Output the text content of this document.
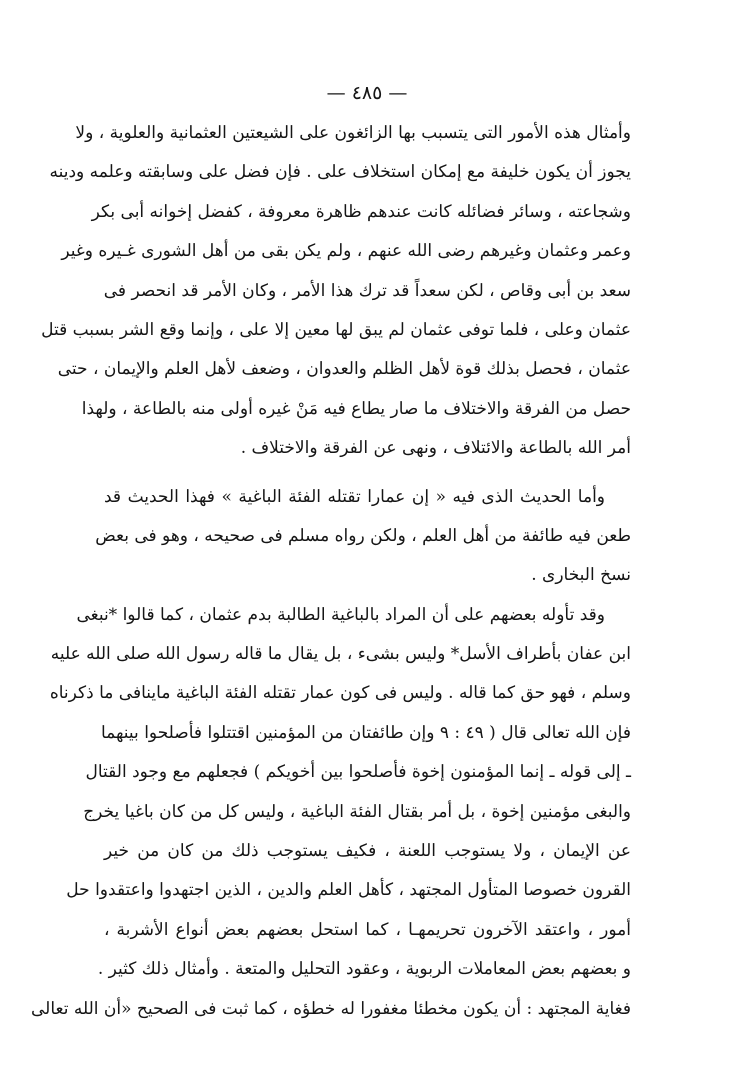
— ٤٨٥ —
وأمثال هذه الأمور التى يتسبب بها الزائغون على الشيعتين العثمانية والعلوية ، ولا
يجوز أن يكون خليفة مع إمكان استخلاف على . فإن فضل على وسابقته وعلمه ودينه
وشجاعته ، وسائر فضائله كانت عندهم ظاهرة معروفة ، كفضل إخوانه أبى بكر
وعمر وعثمان وغيرهم رضى الله عنهم ، ولم يكن بقى من أهل الشورى غـيره وغير
سعد بن أبى وقاص ، لكن سعداً قد ترك هذا الأمر ، وكان الأمر قد انحصر فى
عثمان وعلى ، فلما توفى عثمان لم يبق لها معين إلا على ، وإنما وقع الشر بسبب قتل
عثمان ، فحصل بذلك قوة لأهل الظلم والعدوان ، وضعف لأهل العلم والإيمان ، حتى
حصل من الفرقة والاختلاف ما صار يطاع فيه مَنْ غيره أولى منه بالطاعة ، ولهذا
أمر الله بالطاعة والائتلاف ، ونهى عن الفرقة والاختلاف .
وأما الحديث الذى فيه « إن عمارا تقتله الفئة الباغية » فهذا الحديث قد
طعن فيه طائفة من أهل العلم ، ولكن رواه مسلم فى صحيحه ، وهو فى بعض
نسخ البخارى .
وقد تأوله بعضهم على أن المراد بالباغية الطالبة بدم عثمان ، كما قالوا *نبغى
ابن عفان بأطراف الأسل* وليس بشىء ، بل يقال ما قاله رسول الله صلى الله عليه
وسلم ، فهو حق كما قاله . وليس فى كون عمار تقتله الفئة الباغية ماينافى ما ذكرناه
فإن الله تعالى قال ( ٤٩ : ٩ وإن طائفتان من المؤمنين اقتتلوا فأصلحوا بينهما
ـ إلى قوله ـ إنما المؤمنون إخوة فأصلحوا بين أخويكم ) فجعلهم مع وجود القتال
والبغى مؤمنين إخوة ، بل أمر بقتال الفئة الباغية ، وليس كل من كان باغيا يخرج
عن الإيمان ، ولا يستوجب اللعنة ، فكيف يستوجب ذلك من كان من خير
القرون خصوصا المتأول المجتهد ، كأهل العلم والدين ، الذين اجتهدوا واعتقدوا حل
أمور ، واعتقد الآخرون تحريمهـا ، كما استحل بعضهم بعض أنواع الأشربة ،
و بعضهم بعض المعاملات الربوية ، وعقود التحليل والمتعة . وأمثال ذلك كثير .
فغاية المجتهد : أن يكون مخطئا مغفورا له خطؤه ، كما ثبت فى الصحيح «أن الله تعالى
